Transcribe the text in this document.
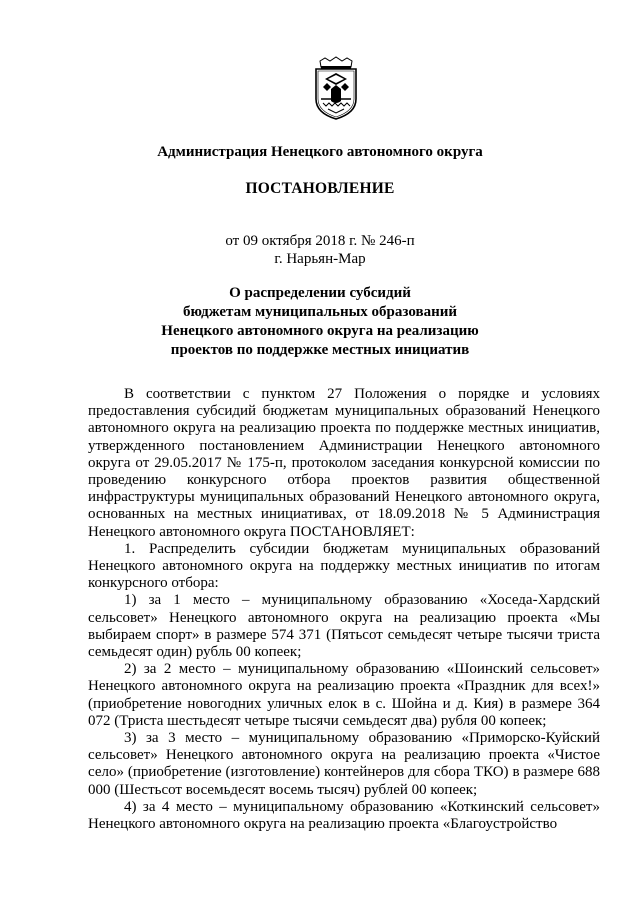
Администрация Ненецкого автономного округа
ПОСТАНОВЛЕНИЕ
от 09 октября 2018 г. № 246-п
г. Нарьян-Мар
О распределении субсидий
бюджетам муниципальных образований
Ненецкого автономного округа на реализацию
проектов по поддержке местных инициатив

В соответствии с пунктом 27 Положения о порядке и условиях предоставления субсидий бюджетам муниципальных образований Ненецкого автономного округа на реализацию проекта по поддержке местных инициатив, утвержденного постановлением Администрации Ненецкого автономного округа от 29.05.2017 № 175-п, протоколом заседания конкурсной комиссии по проведению конкурсного отбора проектов развития общественной инфраструктуры муниципальных образований Ненецкого автономного округа, основанных на местных инициативах, от 18.09.2018 № 5 Администрация Ненецкого автономного округа ПОСТАНОВЛЯЕТ:

1. Распределить субсидии бюджетам муниципальных образований Ненецкого автономного округа на поддержку местных инициатив по итогам конкурсного отбора:

1) за 1 место – муниципальному образованию «Хоседа-Хардский сельсовет» Ненецкого автономного округа на реализацию проекта «Мы выбираем спорт» в размере 574 371 (Пятьсот семьдесят четыре тысячи триста семьдесят один) рубль 00 копеек;

2) за 2 место – муниципальному образованию «Шоинский сельсовет» Ненецкого автономного округа на реализацию проекта «Праздник для всех!» (приобретение новогодних уличных елок в с. Шойна и д. Кия) в размере 364 072 (Триста шестьдесят четыре тысячи семьдесят два) рубля 00 копеек;

3) за 3 место – муниципальному образованию «Приморско-Куйский сельсовет» Ненецкого автономного округа на реализацию проекта «Чистое село» (приобретение (изготовление) контейнеров для сбора ТКО) в размере 688 000 (Шестьсот восемьдесят восемь тысяч) рублей 00 копеек;

4) за 4 место – муниципальному образованию «Коткинский сельсовет» Ненецкого автономного округа на реализацию проекта «Благоустройство
